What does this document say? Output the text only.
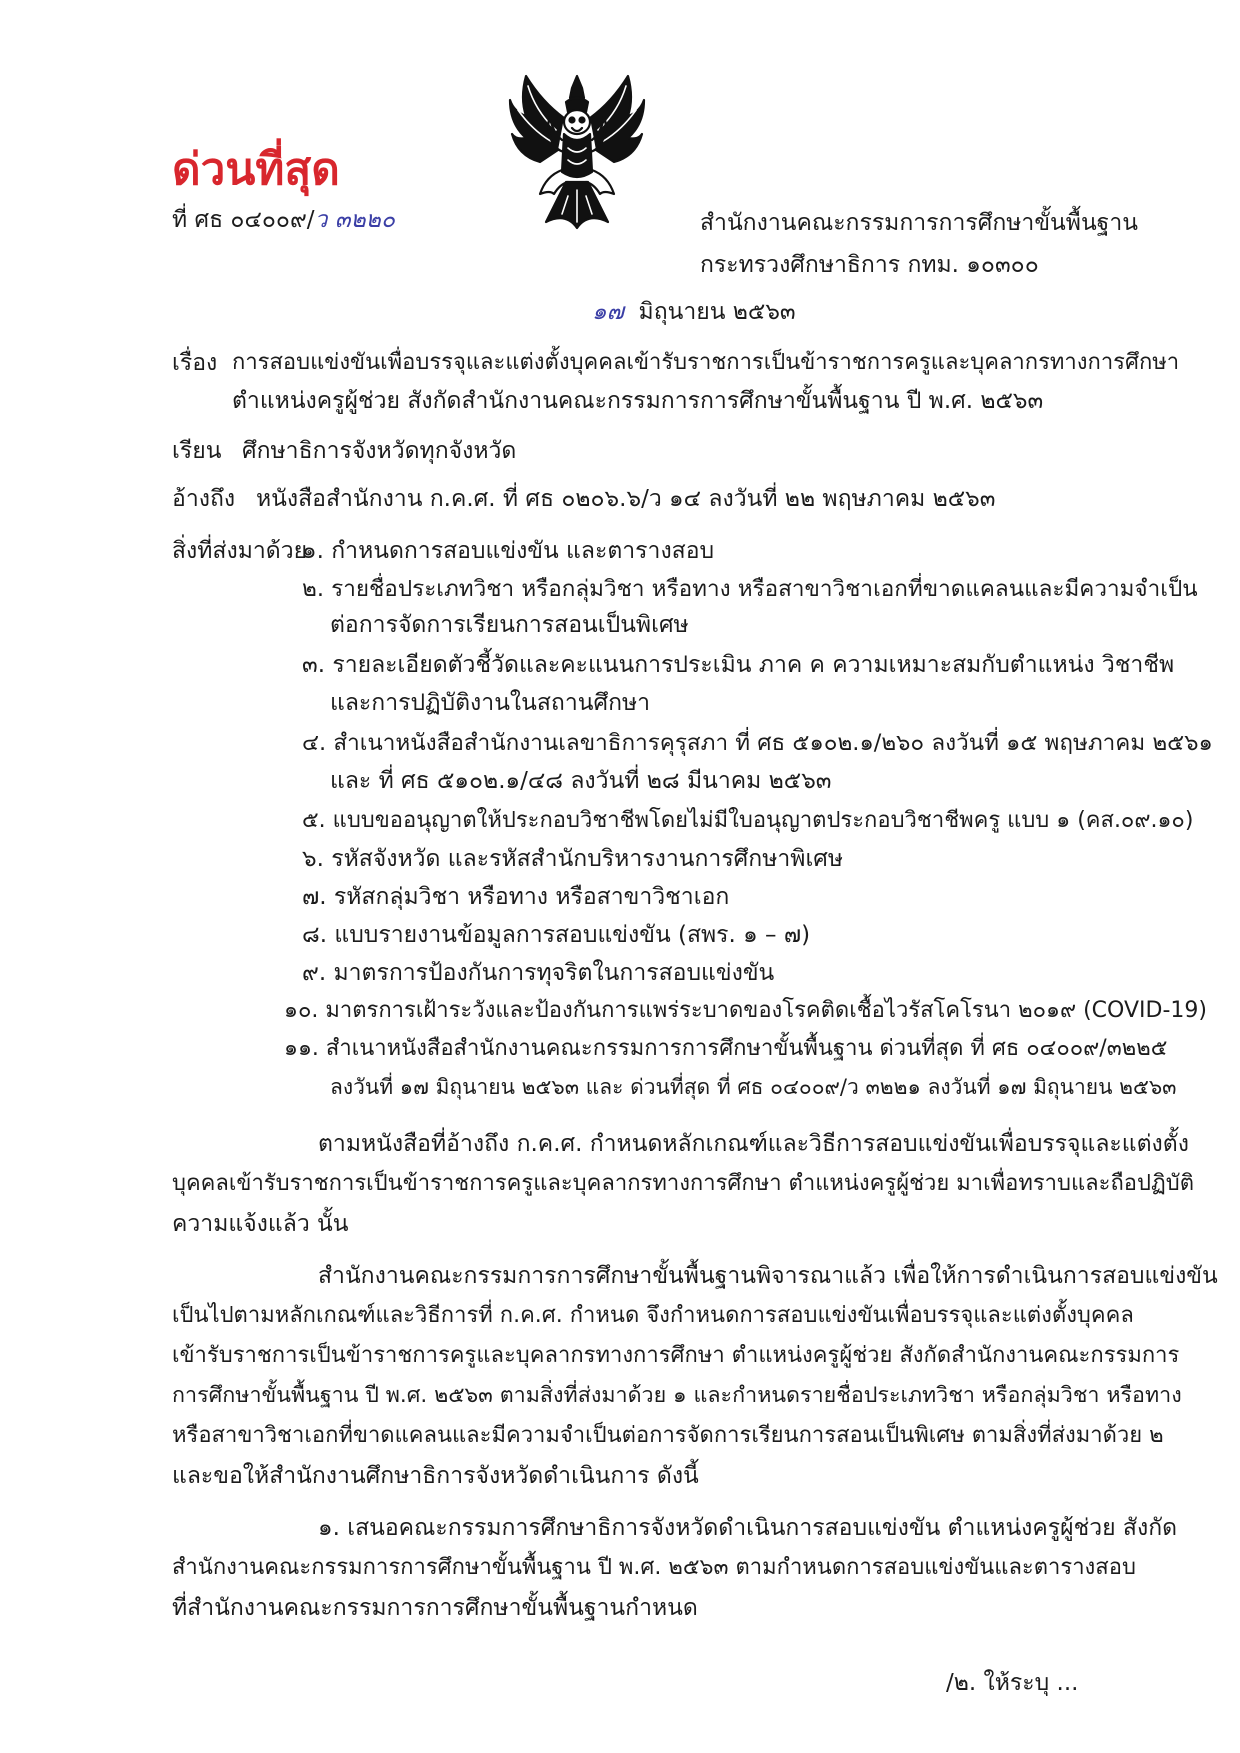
ด่วนที่สุด
ที่ ศธ ๐๔๐๐๙/ว ๓๒๒๐	สำนักงานคณะกรรมการการศึกษาขั้นพื้นฐาน
กระทรวงศึกษาธิการ กทม. ๑๐๓๐๐
๑๗ มิถุนายน ๒๕๖๓
เรื่อง การสอบแข่งขันเพื่อบรรจุและแต่งตั้งบุคคลเข้ารับราชการเป็นข้าราชการครูและบุคลากรทางการศึกษา
ตำแหน่งครูผู้ช่วย สังกัดสำนักงานคณะกรรมการการศึกษาขั้นพื้นฐาน ปี พ.ศ. ๒๕๖๓
เรียน ศึกษาธิการจังหวัดทุกจังหวัด
อ้างถึง หนังสือสำนักงาน ก.ค.ศ. ที่ ศธ ๐๒๐๖.๖/ว ๑๔ ลงวันที่ ๒๒ พฤษภาคม ๒๕๖๓
สิ่งที่ส่งมาด้วย
๑. กำหนดการสอบแข่งขัน และตารางสอบ
๒. รายชื่อประเภทวิชา หรือกลุ่มวิชา หรือทาง หรือสาขาวิชาเอกที่ขาดแคลนและมีความจำเป็น
ต่อการจัดการเรียนการสอนเป็นพิเศษ
๓. รายละเอียดตัวชี้วัดและคะแนนการประเมิน ภาค ค ความเหมาะสมกับตำแหน่ง วิชาชีพ
และการปฏิบัติงานในสถานศึกษา
๔. สำเนาหนังสือสำนักงานเลขาธิการคุรุสภา ที่ ศธ ๕๑๐๒.๑/๒๖๐ ลงวันที่ ๑๕ พฤษภาคม ๒๕๖๑
และ ที่ ศธ ๕๑๐๒.๑/๔๘ ลงวันที่ ๒๘ มีนาคม ๒๕๖๓
๕. แบบขออนุญาตให้ประกอบวิชาชีพโดยไม่มีใบอนุญาตประกอบวิชาชีพครู แบบ ๑ (คส.๐๙.๑๐)
๖. รหัสจังหวัด และรหัสสำนักบริหารงานการศึกษาพิเศษ
๗. รหัสกลุ่มวิชา หรือทาง หรือสาขาวิชาเอก
๘. แบบรายงานข้อมูลการสอบแข่งขัน (สพร. ๑ – ๗)
๙. มาตรการป้องกันการทุจริตในการสอบแข่งขัน
๑๐. มาตรการเฝ้าระวังและป้องกันการแพร่ระบาดของโรคติดเชื้อไวรัสโคโรนา ๒๐๑๙ (COVID-19)
๑๑. สำเนาหนังสือสำนักงานคณะกรรมการการศึกษาขั้นพื้นฐาน ด่วนที่สุด ที่ ศธ ๐๔๐๐๙/๓๒๒๕
ลงวันที่ ๑๗ มิถุนายน ๒๕๖๓ และ ด่วนที่สุด ที่ ศธ ๐๔๐๐๙/ว ๓๒๒๑ ลงวันที่ ๑๗ มิถุนายน ๒๕๖๓
ตามหนังสือที่อ้างถึง ก.ค.ศ. กำหนดหลักเกณฑ์และวิธีการสอบแข่งขันเพื่อบรรจุและแต่งตั้ง
บุคคลเข้ารับราชการเป็นข้าราชการครูและบุคลากรทางการศึกษา ตำแหน่งครูผู้ช่วย มาเพื่อทราบและถือปฏิบัติ
ความแจ้งแล้ว นั้น
สำนักงานคณะกรรมการการศึกษาขั้นพื้นฐานพิจารณาแล้ว เพื่อให้การดำเนินการสอบแข่งขัน
เป็นไปตามหลักเกณฑ์และวิธีการที่ ก.ค.ศ. กำหนด จึงกำหนดการสอบแข่งขันเพื่อบรรจุและแต่งตั้งบุคคล
เข้ารับราชการเป็นข้าราชการครูและบุคลากรทางการศึกษา ตำแหน่งครูผู้ช่วย สังกัดสำนักงานคณะกรรมการ
การศึกษาขั้นพื้นฐาน ปี พ.ศ. ๒๕๖๓ ตามสิ่งที่ส่งมาด้วย ๑ และกำหนดรายชื่อประเภทวิชา หรือกลุ่มวิชา หรือทาง
หรือสาขาวิชาเอกที่ขาดแคลนและมีความจำเป็นต่อการจัดการเรียนการสอนเป็นพิเศษ ตามสิ่งที่ส่งมาด้วย ๒
และขอให้สำนักงานศึกษาธิการจังหวัดดำเนินการ ดังนี้
๑. เสนอคณะกรรมการศึกษาธิการจังหวัดดำเนินการสอบแข่งขัน ตำแหน่งครูผู้ช่วย สังกัด
สำนักงานคณะกรรมการการศึกษาขั้นพื้นฐาน ปี พ.ศ. ๒๕๖๓ ตามกำหนดการสอบแข่งขันและตารางสอบ
ที่สำนักงานคณะกรรมการการศึกษาขั้นพื้นฐานกำหนด
/๒. ให้ระบุ ...
